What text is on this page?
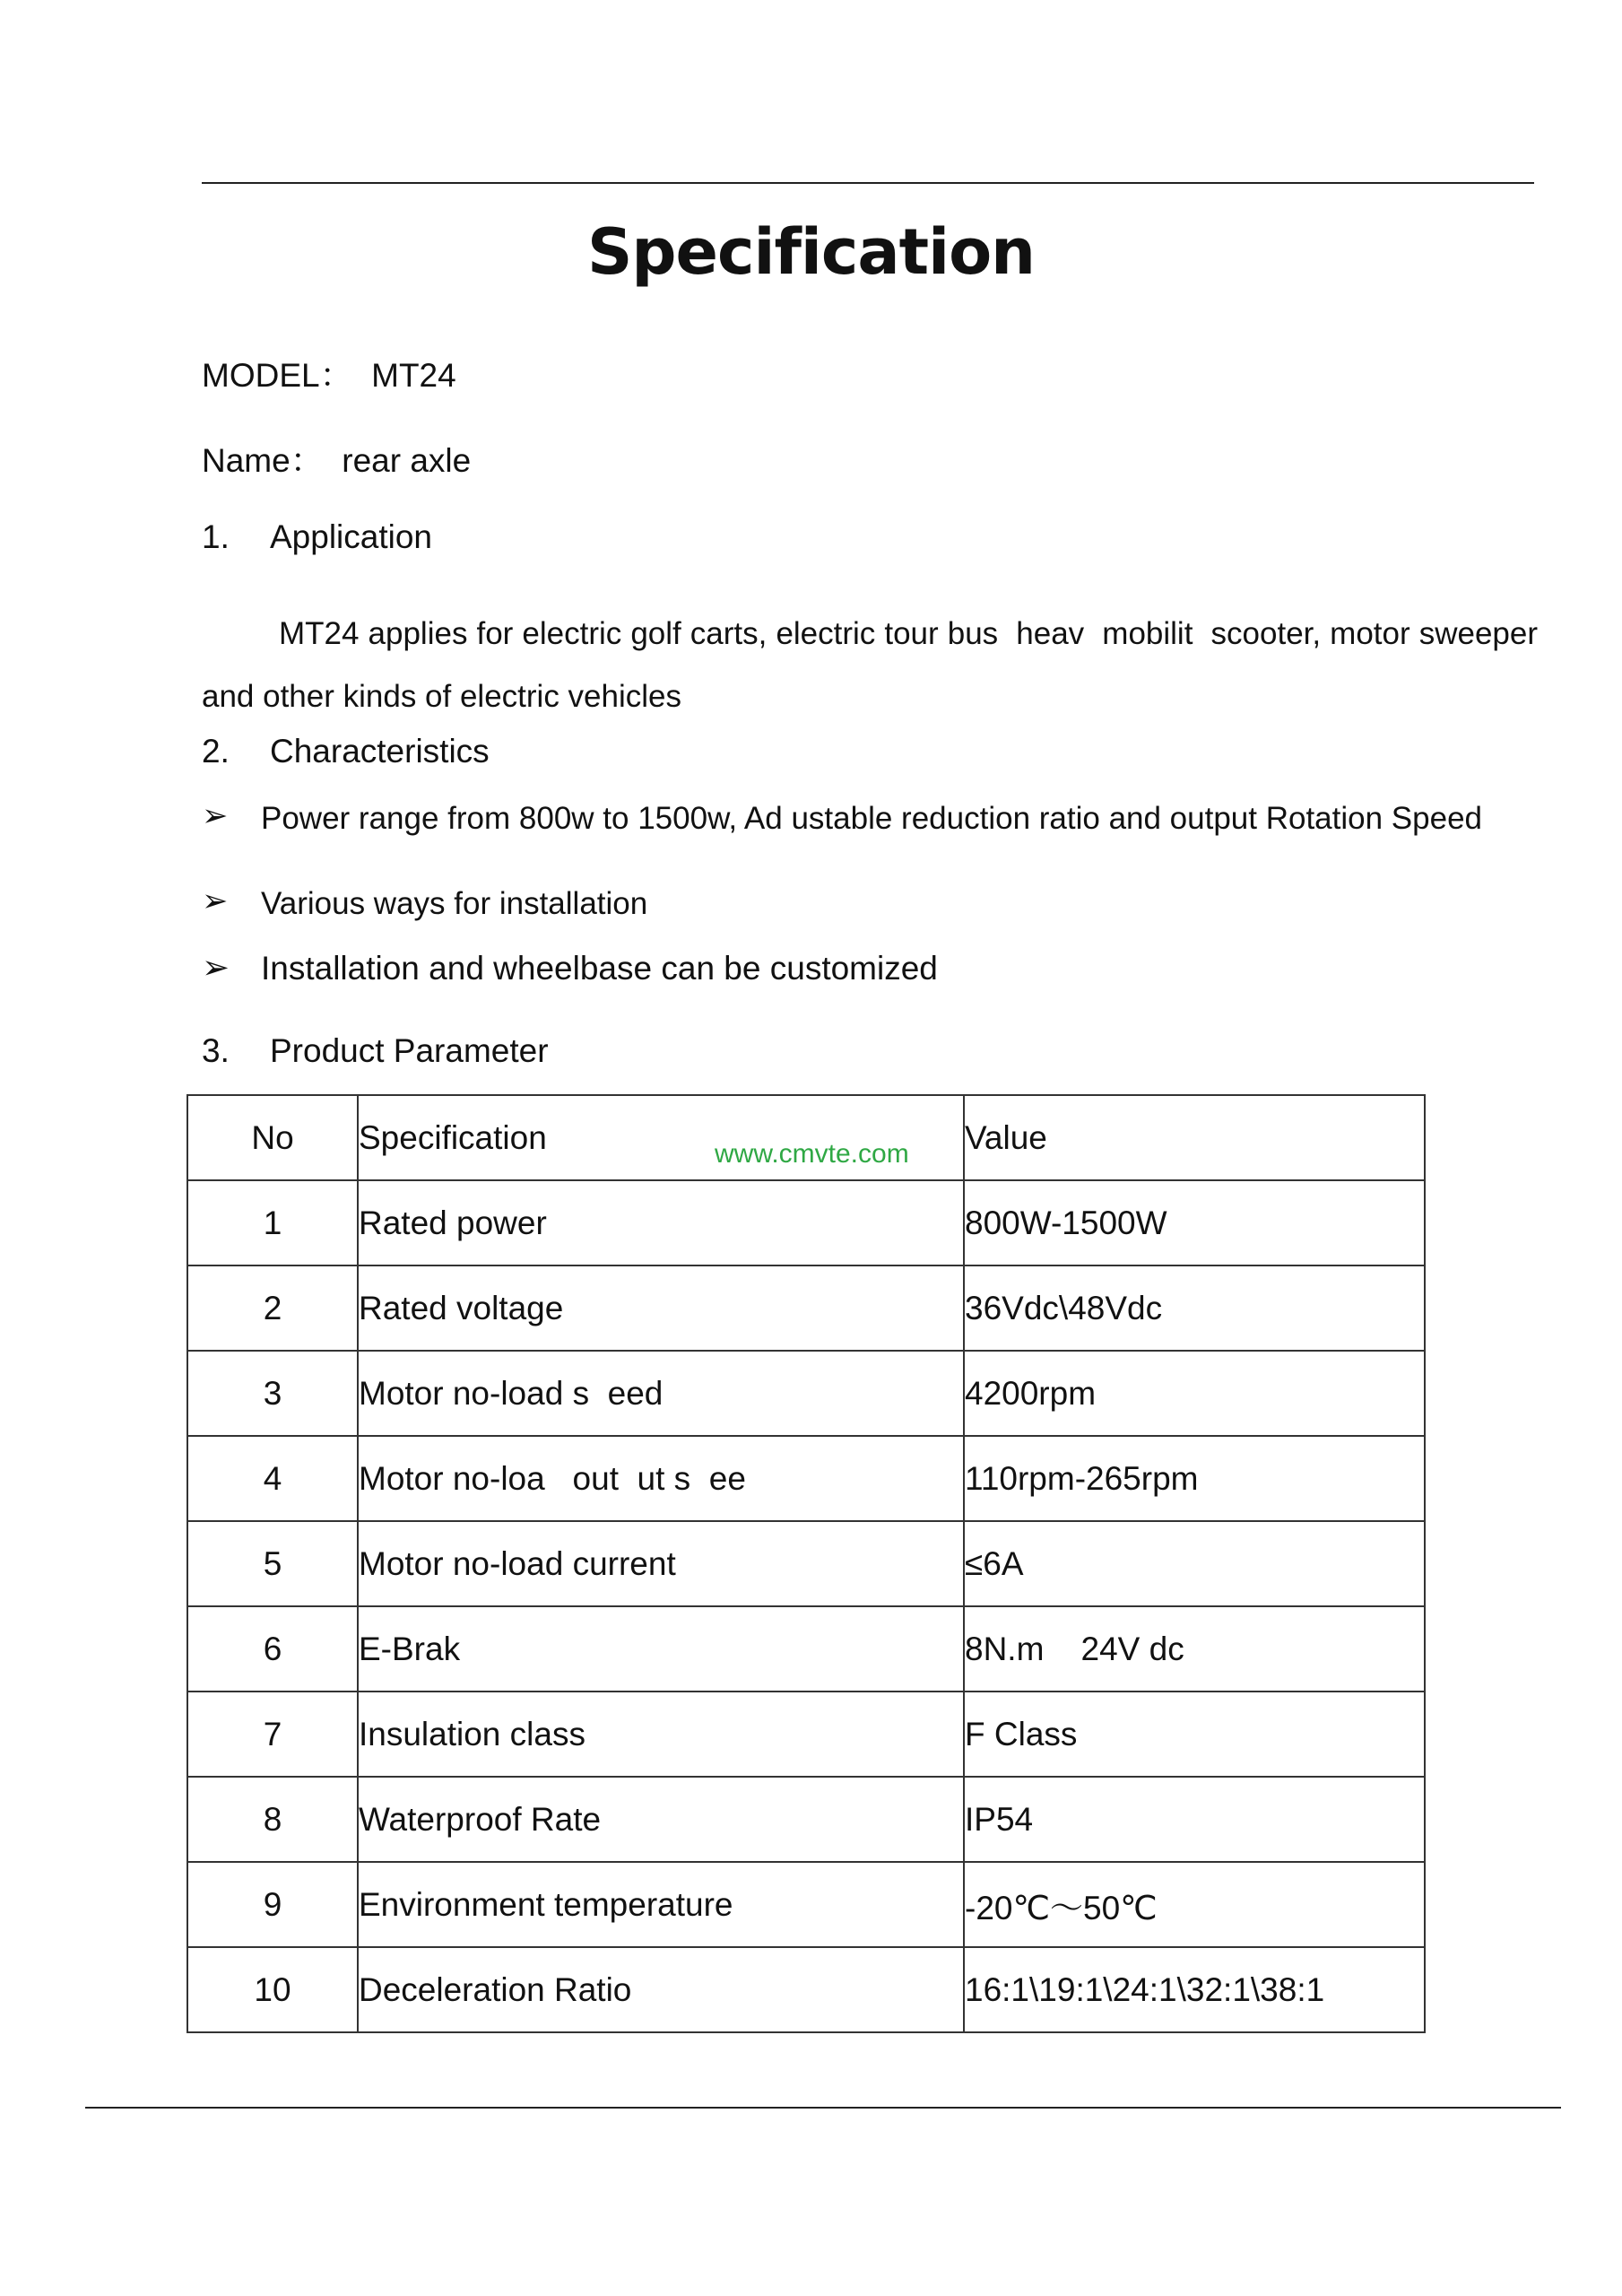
Specification
MODEL：  MT24
Name：  rear axle
1. Application
MT24 applies for electric golf carts, electric tour bus  heav  mobilit  scooter, motor sweeper and other kinds of electric vehicles
2. Characteristics
➢ Power range from 800w to 1500w, Ad ustable reduction ratio and output Rotation Speed
➢ Various ways for installation
➢ Installation and wheelbase can be customized
3. Product Parameter
No	Specification	Value
1	Rated power	800W-1500W
2	Rated voltage	36Vdc\48Vdc
3	Motor no-load s  eed	4200rpm
4	Motor no-loa   out  ut s  ee	110rpm-265rpm
5	Motor no-load current	≤6A
6	E-Brak	8N.m    24V dc
7	Insulation class	F Class
8	Waterproof Rate	IP54
9	Environment temperature	-20℃～50℃
10	Deceleration Ratio	16:1\19:1\24:1\32:1\38:1
www.cmvte.com
